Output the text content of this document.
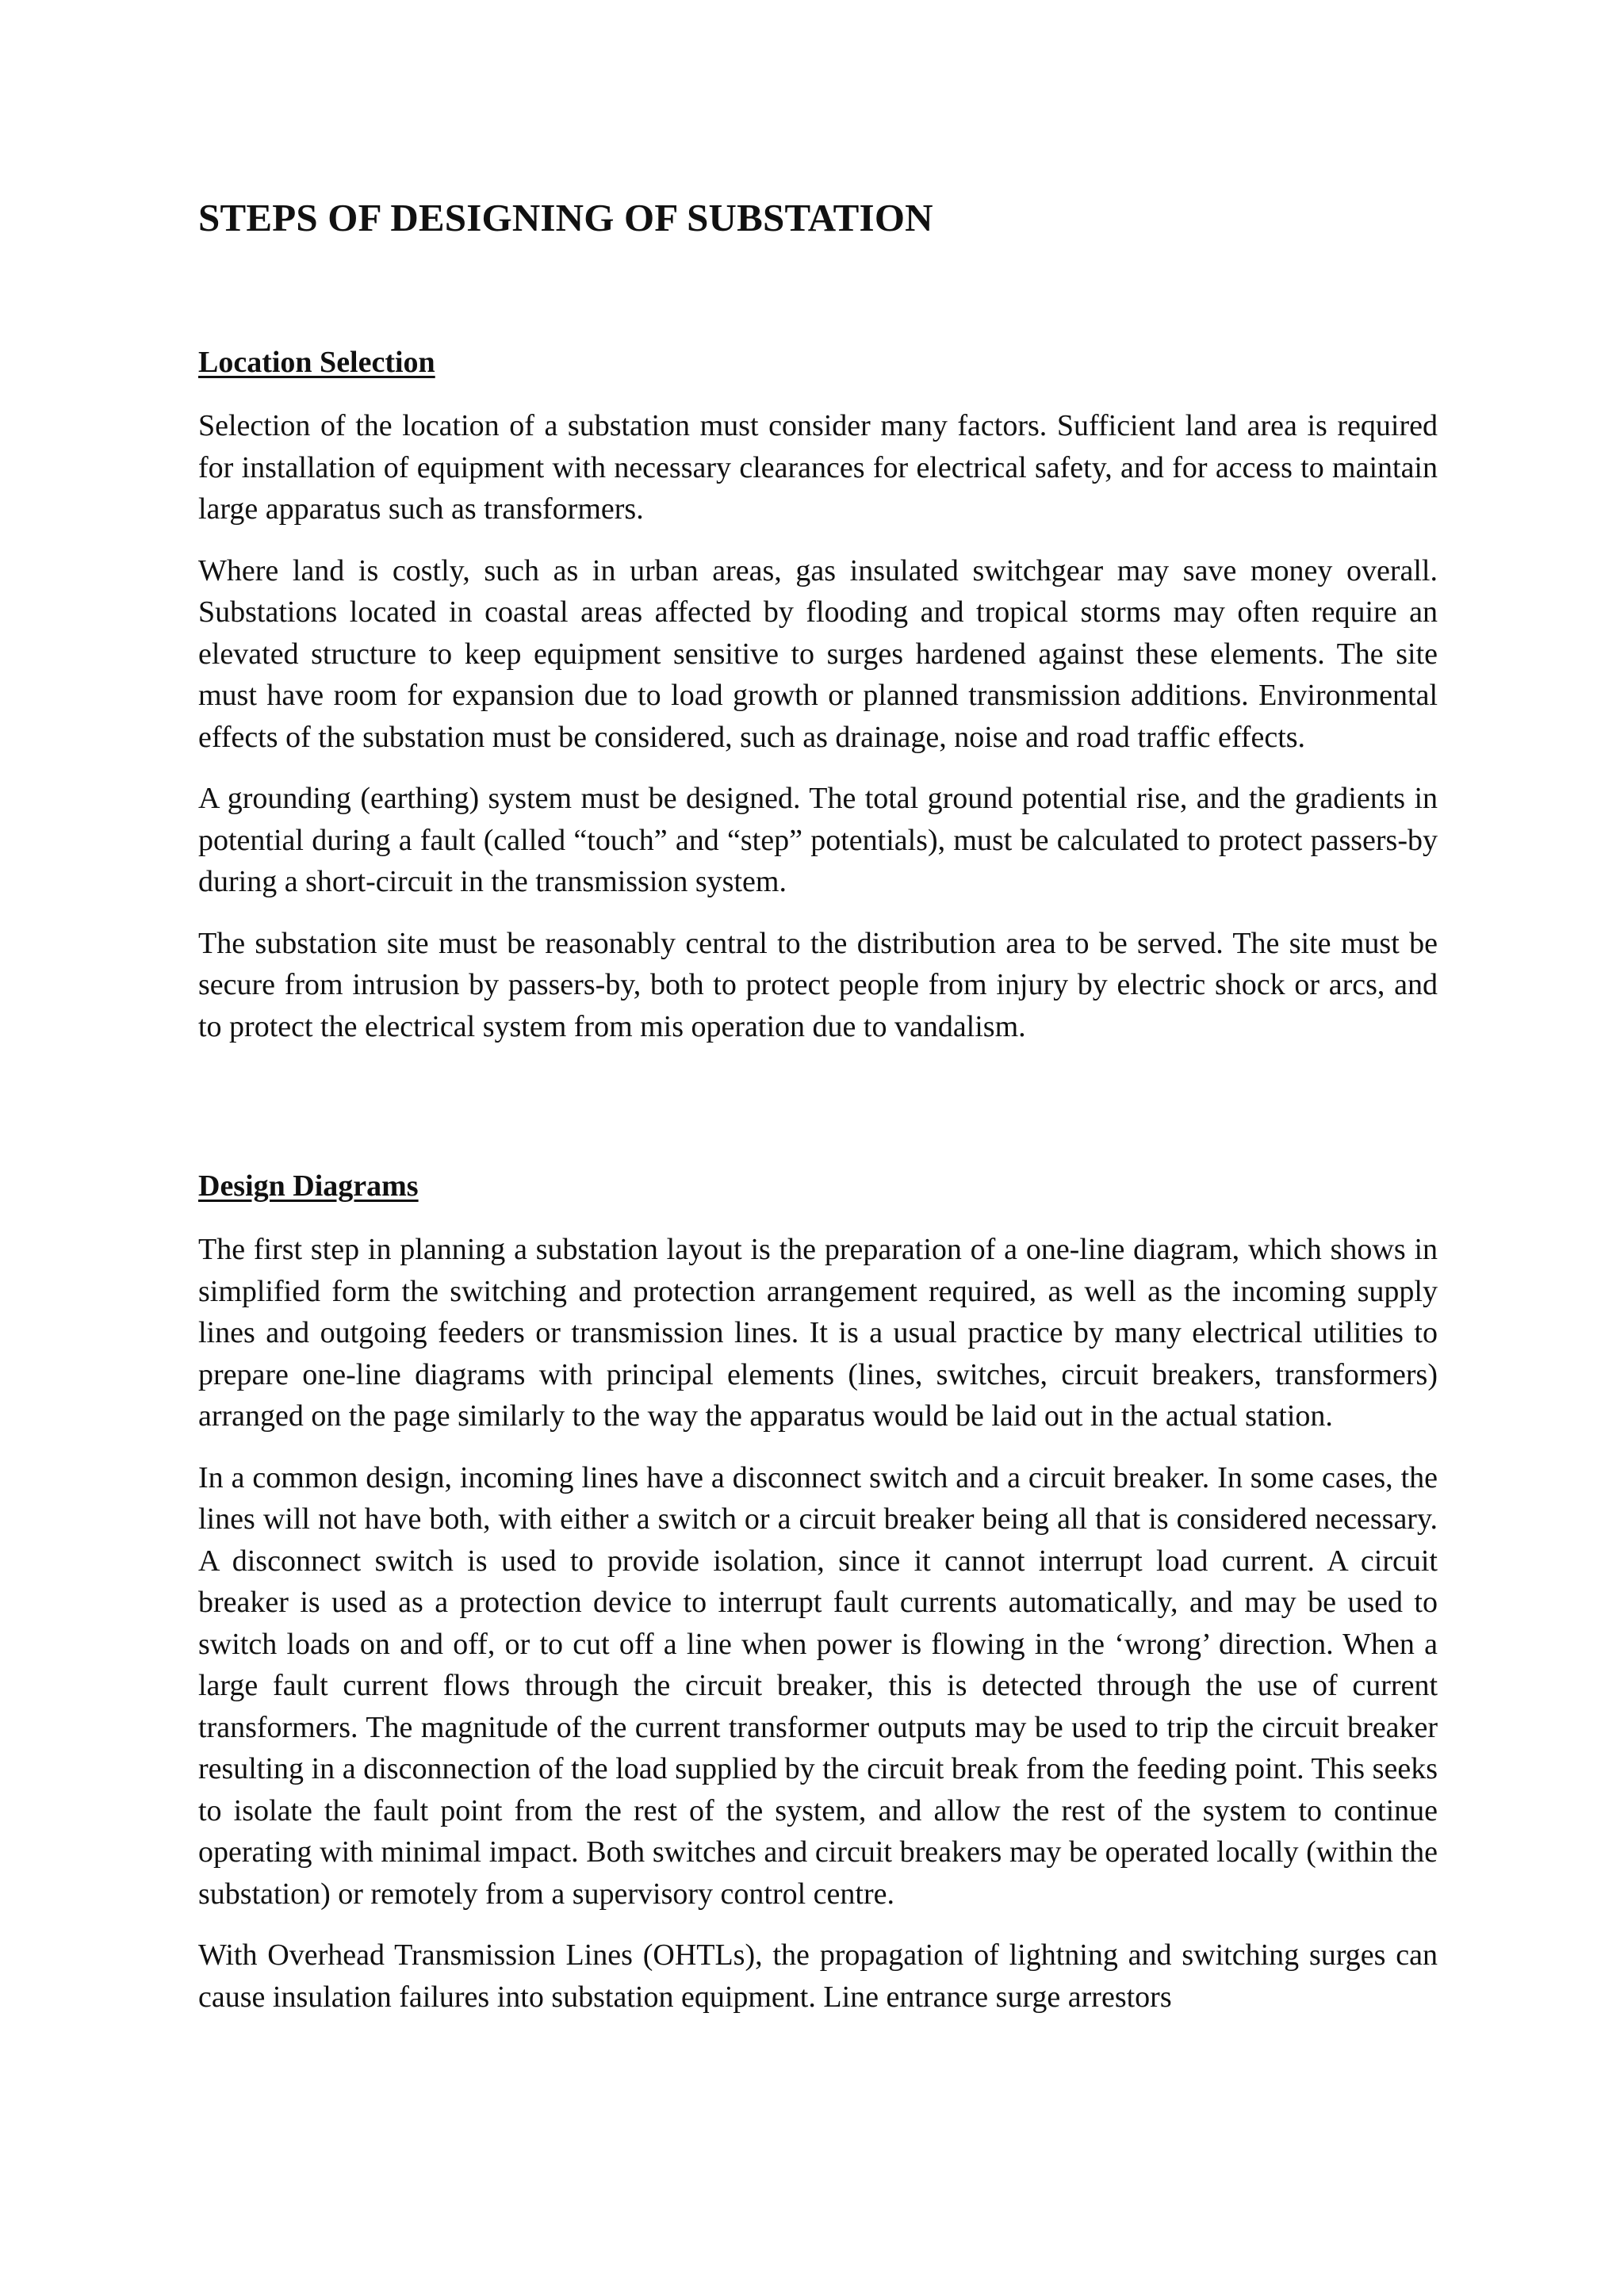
STEPS OF DESIGNING OF SUBSTATION
Location Selection

Selection of the location of a substation must consider many factors. Sufficient land area is required for installation of equipment with necessary clearances for electrical safety, and for access to maintain large apparatus such as transformers.

Where land is costly, such as in urban areas, gas insulated switchgear may save money overall. Substations located in coastal areas affected by flooding and tropical storms may often require an elevated structure to keep equipment sensitive to surges hardened against these elements. The site must have room for expansion due to load growth or planned transmission additions. Environmental effects of the substation must be considered, such as drainage, noise and road traffic effects.

A grounding (earthing) system must be designed. The total ground potential rise, and the gradients in potential during a fault (called “touch” and “step” potentials), must be calculated to protect passers-by during a short-circuit in the transmission system.

The substation site must be reasonably central to the distribution area to be served. The site must be secure from intrusion by passers-by, both to protect people from injury by electric shock or arcs, and to protect the electrical system from mis operation due to vandalism.

Design Diagrams

The first step in planning a substation layout is the preparation of a one-line diagram, which shows in simplified form the switching and protection arrangement required, as well as the incoming supply lines and outgoing feeders or transmission lines. It is a usual practice by many electrical utilities to prepare one-line diagrams with principal elements (lines, switches, circuit breakers, transformers) arranged on the page similarly to the way the apparatus would be laid out in the actual station.

In a common design, incoming lines have a disconnect switch and a circuit breaker. In some cases, the lines will not have both, with either a switch or a circuit breaker being all that is considered necessary. A disconnect switch is used to provide isolation, since it cannot interrupt load current. A circuit breaker is used as a protection device to interrupt fault currents automatically, and may be used to switch loads on and off, or to cut off a line when power is flowing in the ‘wrong’ direction. When a large fault current flows through the circuit breaker, this is detected through the use of current transformers. The magnitude of the current transformer outputs may be used to trip the circuit breaker resulting in a disconnection of the load supplied by the circuit break from the feeding point. This seeks to isolate the fault point from the rest of the system, and allow the rest of the system to continue operating with minimal impact. Both switches and circuit breakers may be operated locally (within the substation) or remotely from a supervisory control centre.

With Overhead Transmission Lines (OHTLs), the propagation of lightning and switching surges can cause insulation failures into substation equipment. Line entrance surge arrestors
